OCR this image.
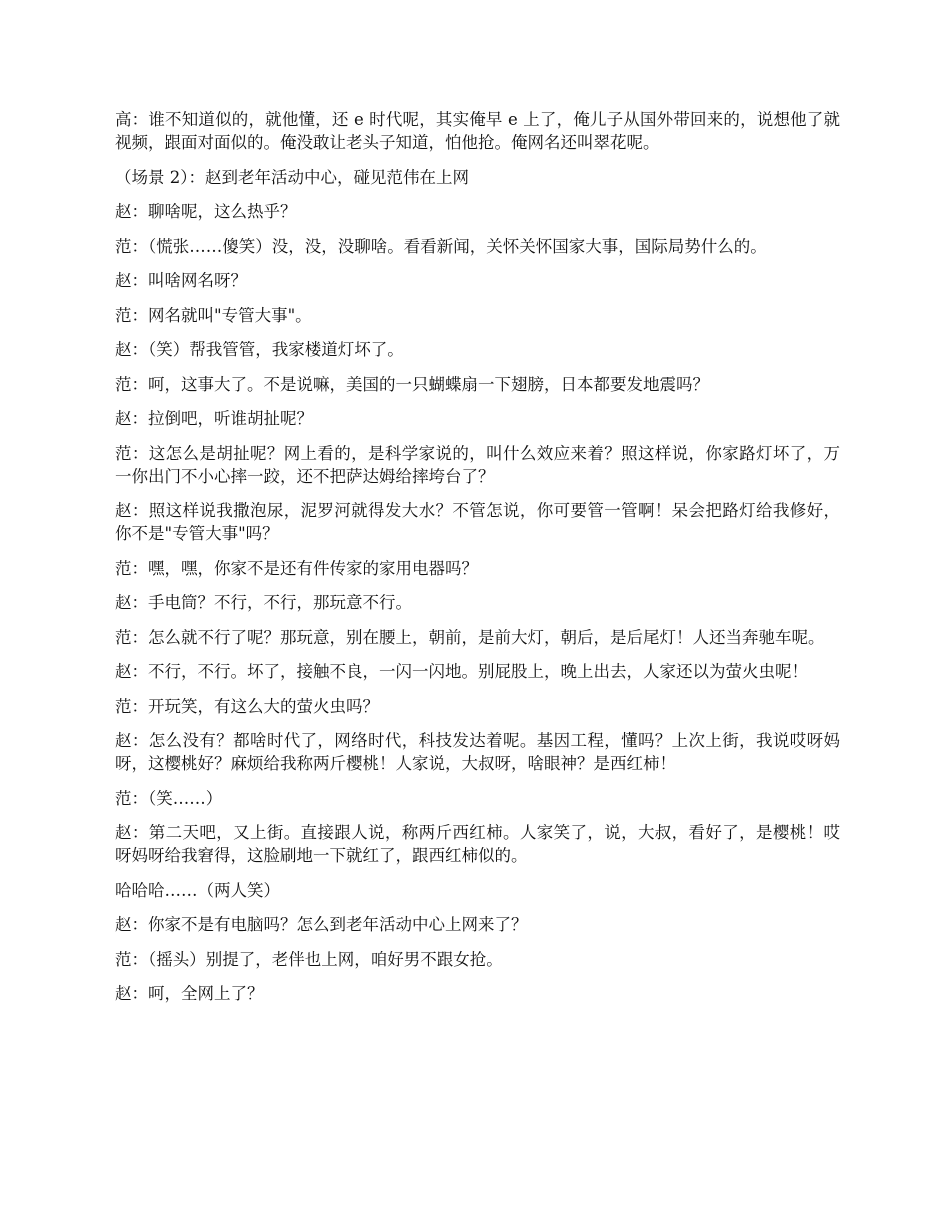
高：谁不知道似的，就他懂，还 e 时代呢，其实俺早 e 上了，俺儿子从国外带回来的，说想他了就视频，跟面对面似的。俺没敢让老头子知道，怕他抢。俺网名还叫翠花呢。

（场景 2）：赵到老年活动中心，碰见范伟在上网

赵：聊啥呢，这么热乎？

范：（慌张……傻笑）没，没，没聊啥。看看新闻，关怀关怀国家大事，国际局势什么的。

赵：叫啥网名呀？

范：网名就叫"专管大事"。

赵：（笑）帮我管管，我家楼道灯坏了。

范：呵，这事大了。不是说嘛，美国的一只蝴蝶扇一下翅膀，日本都要发地震吗？

赵：拉倒吧，听谁胡扯呢？

范：这怎么是胡扯呢？网上看的，是科学家说的，叫什么效应来着？照这样说，你家路灯坏了，万一你出门不小心摔一跤，还不把萨达姆给摔垮台了？

赵：照这样说我撒泡尿，泥罗河就得发大水？不管怎说，你可要管一管啊！呆会把路灯给我修好，你不是"专管大事"吗？

范：嘿，嘿，你家不是还有件传家的家用电器吗？

赵：手电筒？不行，不行，那玩意不行。

范：怎么就不行了呢？那玩意，别在腰上，朝前，是前大灯，朝后，是后尾灯！人还当奔驰车呢。

赵：不行，不行。坏了，接触不良，一闪一闪地。别屁股上，晚上出去，人家还以为萤火虫呢！

范：开玩笑，有这么大的萤火虫吗？

赵：怎么没有？都啥时代了，网络时代，科技发达着呢。基因工程，懂吗？上次上街，我说哎呀妈呀，这樱桃好？麻烦给我称两斤樱桃！人家说，大叔呀，啥眼神？是西红柿！

范：（笑……）

赵：第二天吧，又上街。直接跟人说，称两斤西红柿。人家笑了，说，大叔，看好了，是樱桃！哎呀妈呀给我窘得，这脸刷地一下就红了，跟西红柿似的。

哈哈哈……（两人笑）

赵：你家不是有电脑吗？怎么到老年活动中心上网来了？

范：（摇头）别提了，老伴也上网，咱好男不跟女抢。

赵：呵，全网上了？
